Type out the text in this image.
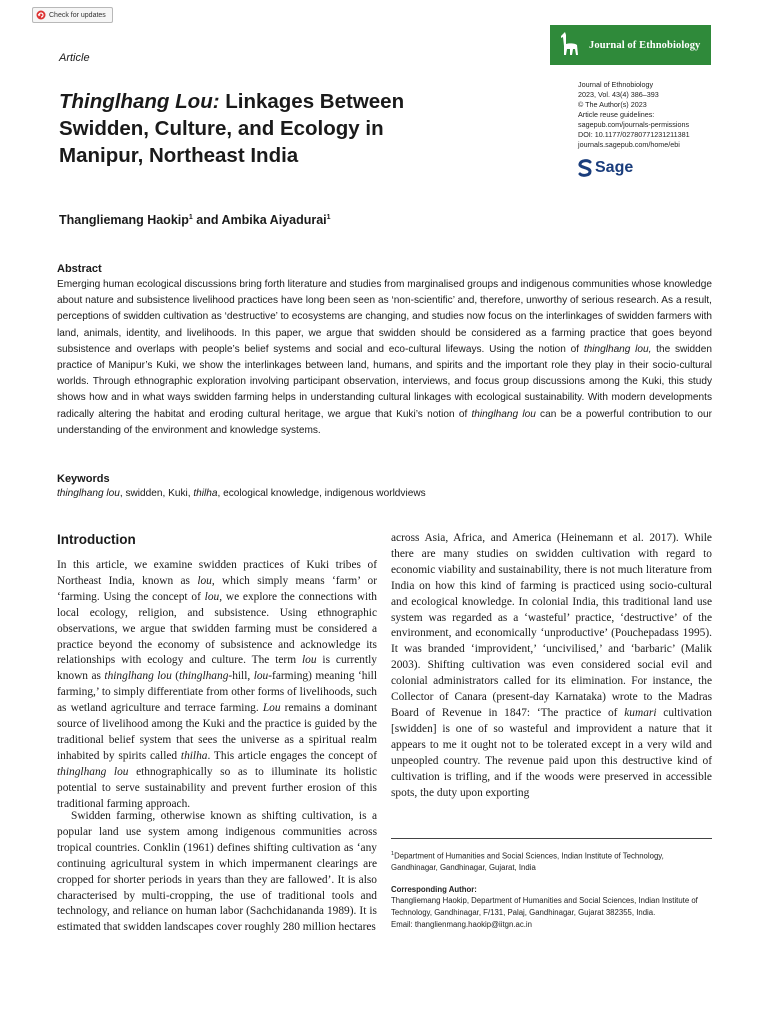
Check for updates
Journal of Ethnobiology
Article
Thinglhang Lou: Linkages Between Swidden, Culture, and Ecology in Manipur, Northeast India
Journal of Ethnobiology
2023, Vol. 43(4) 386–393
© The Author(s) 2023
Article reuse guidelines:
sagepub.com/journals-permissions
DOI: 10.1177/02780771231211381
journals.sagepub.com/home/ebi
Sage
Thangliemang Haokip$^1$ and Ambika Aiyadurai$^1$
Abstract

Emerging human ecological discussions bring forth literature and studies from marginalised groups and indigenous communities whose knowledge about nature and subsistence livelihood practices have long been seen as ‘non-scientific’ and, therefore, unworthy of serious research. As a result, perceptions of swidden cultivation as ‘destructive’ to ecosystems are changing, and studies now focus on the interlinkages of swidden farmers with land, animals, identity, and livelihoods. In this paper, we argue that swidden should be considered as a farming practice that goes beyond subsistence and overlaps with people’s belief systems and social and eco-cultural lifeways. Using the notion of thinglhang lou, the swidden practice of Manipur’s Kuki, we show the interlinkages between land, humans, and spirits and the important role they play in their socio-cultural worlds. Through ethnographic exploration involving participant observation, interviews, and focus group discussions among the Kuki, this study shows how and in what ways swidden farming helps in understanding cultural linkages with ecological sustainability. With modern developments radically altering the habitat and eroding cultural heritage, we argue that Kuki’s notion of thinglhang lou can be a powerful contribution to our understanding of the environment and knowledge systems.

Keywords
thinglhang lou, swidden, Kuki, thilha, ecological knowledge, indigenous worldviews
Introduction

In this article, we examine swidden practices of Kuki tribes of Northeast India, known as lou, which simply means ‘farm’ or ‘farming. Using the concept of lou, we explore the connections with local ecology, religion, and subsistence. Using ethnographic observations, we argue that swidden farming must be considered a practice beyond the economy of subsistence and acknowledge its relationships with ecology and culture. The term lou is currently known as thinglhang lou (thinglhang-hill, lou-farming) meaning ‘hill farming,’ to simply differentiate from other forms of livelihoods, such as wetland agriculture and terrace farming. Lou remains a dominant source of livelihood among the Kuki and the practice is guided by the traditional belief system that sees the universe as a spiritual realm inhabited by spirits called thilha. This article engages the concept of thinglhang lou ethnographically so as to illuminate its holistic potential to serve sustainability and prevent further erosion of this traditional farming approach.

Swidden farming, otherwise known as shifting cultivation, is a popular land use system among indigenous communities across tropical countries. Conklin (1961) defines shifting cultivation as ‘any continuing agricultural system in which impermanent clearings are cropped for shorter periods in years than they are fallowed’. It is also characterised by multi-cropping, the use of traditional tools and technology, and reliance on human labor (Sachchidananda 1989). It is estimated that swidden landscapes cover roughly 280 million hectares

across Asia, Africa, and America (Heinemann et al. 2017). While there are many studies on swidden cultivation with regard to economic viability and sustainability, there is not much literature from India on how this kind of farming is practiced using socio-cultural and ecological knowledge. In colonial India, this traditional land use system was regarded as a ‘wasteful’ practice, ‘destructive’ of the environment, and economically ‘unproductive’ (Pouchepadass 1995). It was branded ‘improvident,’ ‘uncivilised,’ and ‘barbaric’ (Malik 2003). Shifting cultivation was even considered social evil and colonial administrators called for its elimination. For instance, the Collector of Canara (present-day Karnataka) wrote to the Madras Board of Revenue in 1847: ‘The practice of kumari cultivation [swidden] is one of so wasteful and improvident a nature that it appears to me it ought not to be tolerated except in a very wild and unpeopled country. The revenue paid upon this destructive kind of cultivation is trifling, and if the woods were preserved in accessible spots, the duty upon exporting

$^1$Department of Humanities and Social Sciences, Indian Institute of Technology, Gandhinagar, Gandhinagar, Gujarat, India

Corresponding Author:
Thangliemang Haokip, Department of Humanities and Social Sciences, Indian Institute of Technology, Gandhinagar, F/131, Palaj, Gandhinagar, Gujarat 382355, India.
Email: thanglienmang.haokip@iitgn.ac.in
